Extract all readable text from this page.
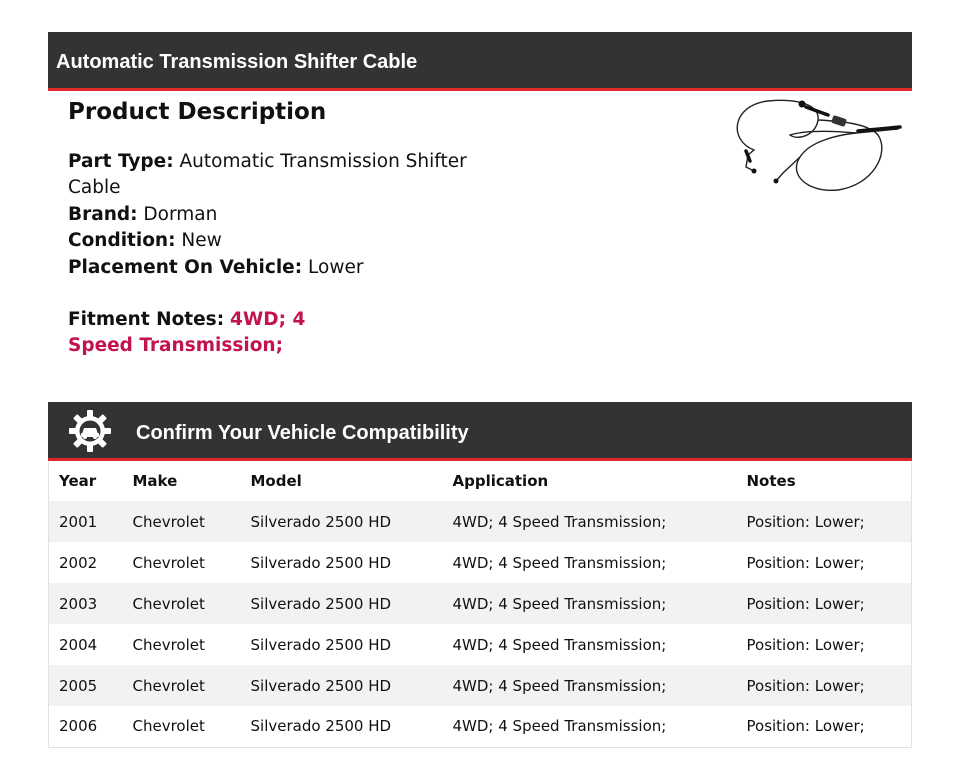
Automatic Transmission Shifter Cable
Product Description
Part Type: Automatic Transmission Shifter Cable
Brand: Dorman
Condition: New
Placement On Vehicle: Lower
Fitment Notes: 4WD; 4 Speed Transmission;
Confirm Your Vehicle Compatibility
Year	Make	Model	Application	Notes
2001	Chevrolet	Silverado 2500 HD	4WD; 4 Speed Transmission;	Position: Lower;
2002	Chevrolet	Silverado 2500 HD	4WD; 4 Speed Transmission;	Position: Lower;
2003	Chevrolet	Silverado 2500 HD	4WD; 4 Speed Transmission;	Position: Lower;
2004	Chevrolet	Silverado 2500 HD	4WD; 4 Speed Transmission;	Position: Lower;
2005	Chevrolet	Silverado 2500 HD	4WD; 4 Speed Transmission;	Position: Lower;
2006	Chevrolet	Silverado 2500 HD	4WD; 4 Speed Transmission;	Position: Lower;
